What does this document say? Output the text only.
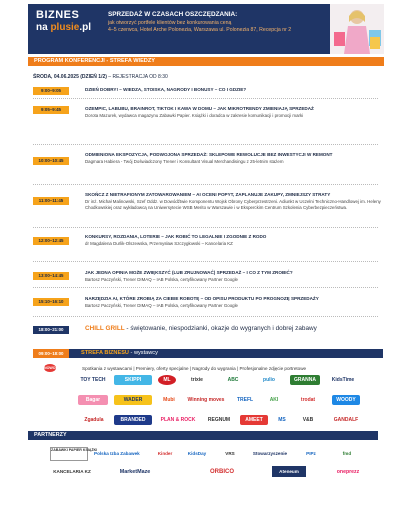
BIZNES
na plusie.pl
SPRZEDAŻ W CZASACH OSZCZĘDZANIA:
jak otworzyć portfele klientów bez konkurowania ceną
4–5 czerwca, Hotel Arche Polonezia, Warszawa ul. Polonezia 87, Recepcja nr 2
PROGRAM KONFERENCJI - STREFA WIEDZY
ŚRODA, 04.06.2025 (DZIEŃ 1/2) – REJESTRACJA OD 8:30
9:00–9:05	DZIEŃ DOBRY! – WIEDZA, STOISKA, NAGRODY I BONUSY – CO I GDZIE?
9:05–9:45	OZEMPIC, LABUBU, BRAINROT, TIKTOK I KAWA W DOMU – JAK MIKROTRENDY ZMIENIAJĄ SPRZEDAŻ
Dorota Mazurek, wydawca magazynu Zabawki Papier. Książki i doradca w zakresie komunikacji i promocji marki
10:00–10:45
ODMIENIONA EKSPOZYCJA, PODWOJONA SPRZEDAŻ: SKLEPOWE REWOLUCJE BEZ INWESTYCJI W REMONT
Dagmara Habiera - Twój Doświadczony Trener i Konsultant Visual Merchandisingu z 25-letnim stażem
11:00–11:45
SKOŃCZ Z NIETRAFIONYM ZATOWAROWANIEM – AI OCENI POPYT, ZAPLANUJE ZAKUPY, ZMNIEJSZY STRATY
Dr inż. Michał Malinowski, Szef Oddz. w Dowódźtwie Komponentu Wojsk Obrony Cyberprzestrzeni. Adiunkt w Uczelni Techniczno-Handlowej im. Heleny Chodkowskiej oraz wykładowcą na Uniwersytecie WSB Merito w Warszawie i w Eksperckim Centrum Szkolenia Cyberbezpieczeństwa.
12:00–12:45
KONKURSY, ROZDANIA, LOTERIE – JAK ROBIĆ TO LEGALNIE I ZGODNIE Z RODO
dr Magdalena Durlik-Olszewska, Przemysław Szczygłowski – Kancelaria KZ
13:00–14:45
JAK JEDNA OPINIA MOŻE ZWIĘKSZYĆ (LUB ZRUJNOWAĆ) SPRZEDAŻ – I CO Z TYM ZROBIĆ?
Bartosz Paczyński, Trener DIMAQ – IAB Polska, certyfikowany Partner Google
15:10–16:10
NARZĘDZIA AI, KTÓRE ZROBIĄ ZA CIEBIE ROBOTĘ – OD OPISU PRODUKTU PO PROGNOZĘ SPRZEDAŻY
Bartosz Paczyński, Trener DIMAQ – IAB Polska, certyfikowany Partner Google
18:00–21:00	CHILL GRILL - świętowanie, niespodzianki, okazje do wygranych i dobrej zabawy
09:00–18:00	STREFA BIZNESU - wystawcy
NOWOŚĆ	Spotkania z wystawcami | Premiery, oferty specjalne | Nagrody do wygrania | Profesjonalne zdjęcie portretowe
TOY TECH	SKIPPI	ML	trixie	ABC	pulio	GRANNA	KidsTime
Bagar	WADER	Mubi	Winning moves	TREFL	AKI	trodat	WOODY
Zgadula	BRANDED	PLAN & ROCK	REGNUM	AMEET	MS	V&B	GANDALF
PARTNERZY
ZABAWKI PAPIER KSIĄŻKI
Polska Izba Zabawek	Kinder	KidsDay	VRS	Stowarzyszenie	PIPz	fmd
KANCELARIA KZ	MarketMaze	ORBICO	Ateneum	oneprezz
